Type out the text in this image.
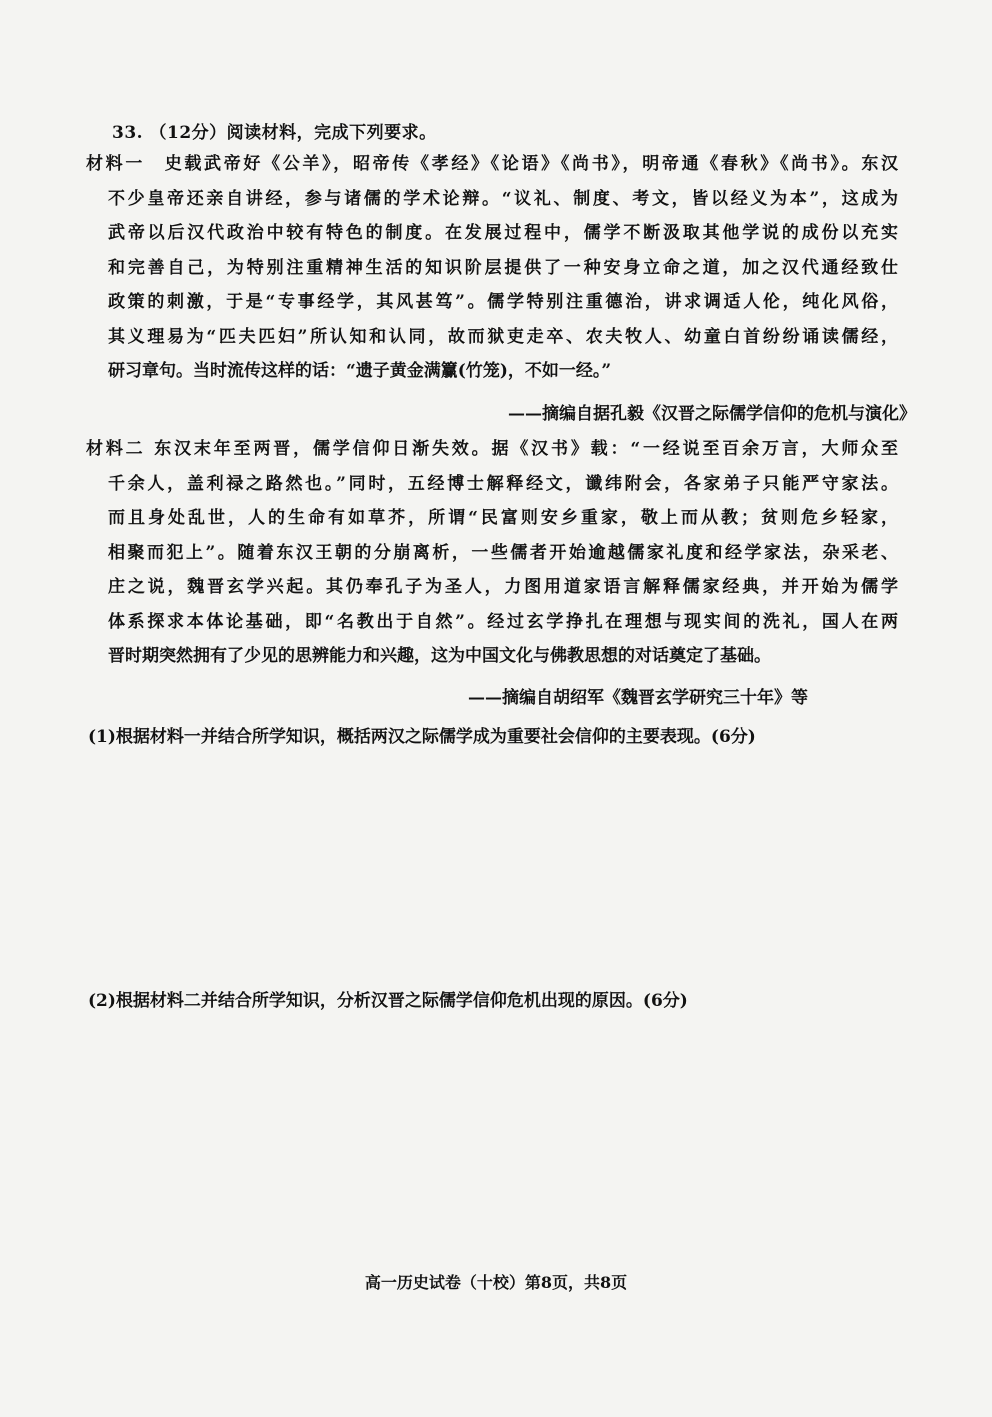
33. （12分）阅读材料，完成下列要求。
材料一　史载武帝好《公羊》，昭帝传《孝经》《论语》《尚书》，明帝通《春秋》《尚书》。东汉
不少皇帝还亲自讲经，参与诸儒的学术论辩。“议礼、制度、考文，皆以经义为本”，这成为
武帝以后汉代政治中较有特色的制度。在发展过程中，儒学不断汲取其他学说的成份以充实
和完善自己，为特别注重精神生活的知识阶层提供了一种安身立命之道，加之汉代通经致仕
政策的刺激，于是“专事经学，其风甚笃”。儒学特别注重德治，讲求调适人伦，纯化风俗，
其义理易为“匹夫匹妇”所认知和认同，故而狱吏走卒、农夫牧人、幼童白首纷纷诵读儒经，
研习章句。当时流传这样的话：“遗子黄金满籯(竹笼)，不如一经。”
——摘编自据孔毅《汉晋之际儒学信仰的危机与演化》
材料二 东汉末年至两晋，儒学信仰日渐失效。据《汉书》载：“一经说至百余万言，大师众至
千余人，盖利禄之路然也。”同时，五经博士解释经文，谶纬附会，各家弟子只能严守家法。
而且身处乱世，人的生命有如草芥，所谓“民富则安乡重家，敬上而从教；贫则危乡轻家，
相聚而犯上”。随着东汉王朝的分崩离析，一些儒者开始逾越儒家礼度和经学家法，杂采老、
庄之说，魏晋玄学兴起。其仍奉孔子为圣人，力图用道家语言解释儒家经典，并开始为儒学
体系探求本体论基础，即“名教出于自然”。经过玄学挣扎在理想与现实间的洗礼，国人在两
晋时期突然拥有了少见的思辨能力和兴趣，这为中国文化与佛教思想的对话奠定了基础。
——摘编自胡绍军《魏晋玄学研究三十年》等
(1)根据材料一并结合所学知识，概括两汉之际儒学成为重要社会信仰的主要表现。(6分)
(2)根据材料二并结合所学知识，分析汉晋之际儒学信仰危机出现的原因。(6分)
高一历史试卷（十校）第8页，共8页
